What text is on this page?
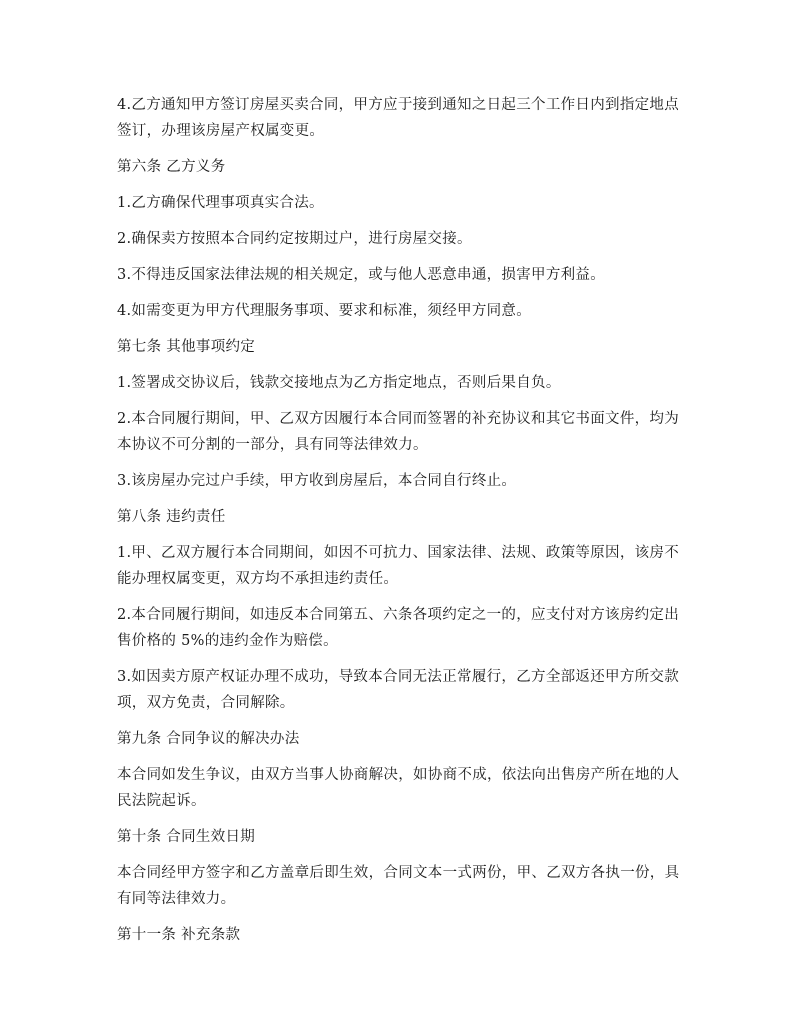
4.乙方通知甲方签订房屋买卖合同，甲方应于接到通知之日起三个工作日内到指定地点签订，办理该房屋产权属变更。

第六条 乙方义务

1.乙方确保代理事项真实合法。

2.确保卖方按照本合同约定按期过户，进行房屋交接。

3.不得违反国家法律法规的相关规定，或与他人恶意串通，损害甲方利益。

4.如需变更为甲方代理服务事项、要求和标准，须经甲方同意。

第七条 其他事项约定

1.签署成交协议后，钱款交接地点为乙方指定地点，否则后果自负。

2.本合同履行期间，甲、乙双方因履行本合同而签署的补充协议和其它书面文件，均为本协议不可分割的一部分，具有同等法律效力。

3.该房屋办完过户手续，甲方收到房屋后，本合同自行终止。

第八条 违约责任

1.甲、乙双方履行本合同期间，如因不可抗力、国家法律、法规、政策等原因，该房不能办理权属变更，双方均不承担违约责任。

2.本合同履行期间，如违反本合同第五、六条各项约定之一的，应支付对方该房约定出售价格的 5%的违约金作为赔偿。

3.如因卖方原产权证办理不成功，导致本合同无法正常履行，乙方全部返还甲方所交款项，双方免责，合同解除。

第九条 合同争议的解决办法

本合同如发生争议，由双方当事人协商解决，如协商不成，依法向出售房产所在地的人民法院起诉。

第十条 合同生效日期

本合同经甲方签字和乙方盖章后即生效，合同文本一式两份，甲、乙双方各执一份，具有同等法律效力。

第十一条 补充条款
